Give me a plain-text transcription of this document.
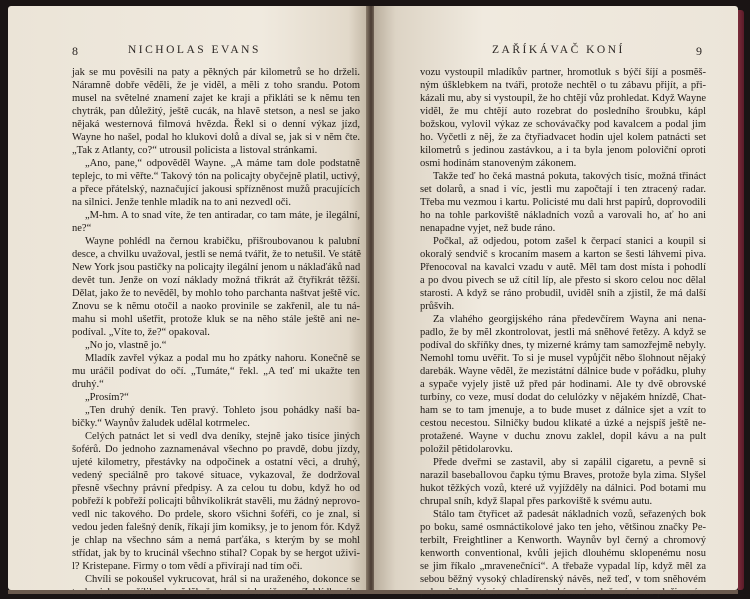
8	NICHOLAS EVANS
jak se mu povĕsili na paty a pĕkných pár kilometrů se ho drželi.
Náramnĕ dobře vĕdĕli, že je vidĕl, a mĕli z toho srandu. Potom
musel na svĕtelné znamení zajet ke kraji a přikláti se k nĕmu ten
chytrák, pan důležitý, ještĕ cucák, na hlavĕ stetson, a nesl se jako
nĕjaká westernová filmová hvĕzda. Řekl si o denní výkaz jízd,
Wayne ho našel, podal ho klukovi dolů a díval se, jak si v nĕm čte.
„Tak z Atlanty, co?“ utrousil policista a listoval stránkami.
„Ano, pane,“ odpovĕdĕl Wayne. „A máme tam dole podstatnĕ
teplejc, to mi vĕřte.“ Takový tón na policajty obyčejnĕ platil, uctivý,
a přece přátelský, naznačující jakousi spřízněnost mužů pracujících
na silnici. Jenže tenhle mladík na to ani nezvedl oči.
„M-hm. A to snad víte, že ten antiradar, co tam máte, je ilegální,
ne?“
Wayne pohlédl na černou krabičku, přišroubovanou k palubní
desce, a chvilku uvažoval, jestli se nemá tvářit, že to netušil. Ve státĕ
New York jsou pastičky na policajty ilegální jenom u náklaďáků nad
devĕt tun. Jenže on vozí náklady možná třikrát až čtyřikrát tĕžší.
Dělat, jako že to nevĕdĕl, by mohlo toho parchanta naštvat ještĕ víc.
Znovu se k nĕmu otočil a naoko provinile se zakřenil, ale tu ná-
mahu si mohl ušetřit, protože kluk se na nĕho stále ještĕ ani ne-
podíval. „Víte to, že?“ opakoval.
„No jo, vlastnĕ jo.“
Mladík zavřel výkaz a podal mu ho zpátky nahoru. Konečnĕ se
mu uráčil podívat do očí. „Tumáte,“ řekl. „A teď mi ukažte ten
druhý.“
„Prosím?“
„Ten druhý deník. Ten pravý. Tohleto jsou pohádky naší ba-
bičky.“ Waynův žaludek udĕlal kotrmelec.
Celých patnáct let si vedl dva deníky, stejnĕ jako tisíce jiných
šoférů. Do jednoho zaznamenával všechno po pravdĕ, dobu jízdy,
ujeté kilometry, přestávky na odpočinek a ostatní vĕci, a druhý,
vedený speciálnĕ pro takové situace, vykazoval, že dodržoval
přesnĕ všechny právní předpisy. A za celou tu dobu, když ho od
pobřeží k pobřeží policajti bůhvíkolikrát stavĕli, mu žádný neprovo-
vedl nic takového. Do prdele, skoro všichni šoféři, co je znal, si
vedou jeden falešný deník, říkají jim komiksy, je to jenom fór. Když
je chlap na všechno sám a nemá parťáka, s kterým by se mohl
střídat, jak by to krucinál všechno stihal? Copak by se hergot uživi-
l? Kristepane. Firmy o tom vĕdí a přivírají nad tím oči.
Chvíli se pokoušel vykrucovat, hrál si na uraženého, dokonce se
ZAŘÍKÁVAČ KONÍ	9
vozu vystoupil mladíkův partner, hromotluk s býčí šíjí a posmĕš-
ným úšklebkem na tváři, protože nechtĕl o tu zábavu přijít, a při-
kázali mu, aby si vystoupil, že ho chtĕjí vůz prohledat. Když Wayne
vidĕl, že mu chtĕjí auto rozebrat do posledního šroubku, kápl
božskou, vylovil výkaz ze schovávačky pod kavalcem a podal jim
ho. Vyčetli z nĕj, že za čtyřiadvacet hodin ujel kolem patnácti set
kilometrů s jedinou zastávkou, a i ta byla jenom poloviční oproti
osmi hodinám stanoveným zákonem.
Takže teď ho čeká mastná pokuta, takových tisíc, možná třináct
set dolarů, a snad i víc, jestli mu započtají i ten ztracený radar.
Třeba mu vezmou i kartu. Policisté mu dali hrst papírů, doprovodili
ho na tohle parkovištĕ nákladních vozů a varovali ho, ať ho ani
nenapadne vyjet, než bude ráno.
Počkal, až odjedou, potom zašel k čerpací stanici a koupil si
okoralý sendvič s krocaním masem a karton se šesti láhvemi piva.
Přenocoval na kavalci vzadu v autĕ. Mĕl tam dost místa i pohodlí
a po dvou pivech se už cítil líp, ale přesto si skoro celou noc dĕlal
starosti. A když se ráno probudil, uvidĕl sníh a zjistil, že má další
průšvih.
Za vlahého georgijského rána předevčírem Wayna ani nena-
padlo, že by mĕl zkontrolovat, jestli má snĕhové řetĕzy. A když se
podíval do skříňky dnes, ty mizerné krámy tam samozřejmĕ nebyly.
Nemohl tomu uvĕřit. To si je musel vypůjčit nĕbo šlohnout nĕjaký
darebák. Wayne vĕdĕl, že mezistátní dálnice bude v pořádku, pluhy
a sypače vyjely jistĕ už před pár hodinami. Ale ty dvĕ obrovské
turbíny, co veze, musí dodat do celulózky v nĕjakém hnízdĕ, Chat-
ham se to tam jmenuje, a to bude muset z dálnice sjet a vzít to
cestou necestou. Silničky budou klikaté a úzké a nejspíš ještĕ ne-
protažené. Wayne v duchu znovu zaklel, dopil kávu a na pult
položil pĕtidolarovku.
Přede dveřmi se zastavil, aby si zapálil cigaretu, a pevnĕ si
narazil baseballovou čapku týmu Braves, protože byla zima. Slyšel
hukot tĕžkých vozů, které už vyjíždĕly na dálnici. Pod botami mu
chrupal sníh, když šlapal přes parkoviště k svému autu.
Stálo tam čtyřicet až padesát nákladních vozů, seřazených bok
po boku, samé osmnáctikolové jako ten jeho, většinou značky Pe-
terbilt, Freightliner a Kenworth. Waynův byl černý a chromový
kenworth conventional, kvůli jejich dlouhému sklopenému nosu
se jim říkalo „mravenečníci“. A třebaže vypadal líp, když mĕl za
sebou běžný vysoký chladírenský návĕs, než teď, v tom snĕhovém
